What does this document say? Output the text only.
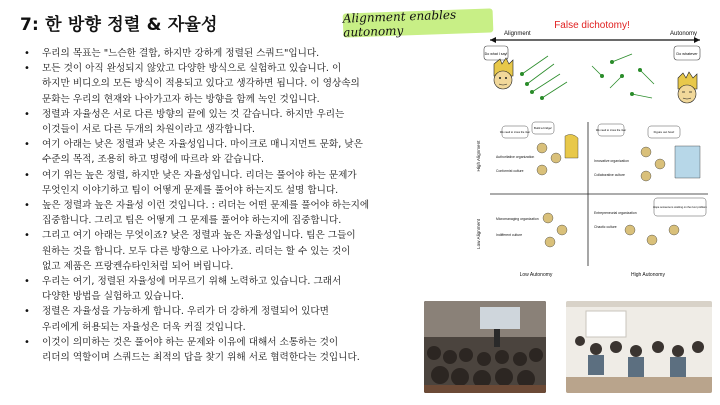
7: 한 방향 정렬 & 자율성
• 우리의 목표는 "느슨한 결합, 하지만 강하게 정렬된 스쿼드"입니다.
• 모든 것이 아직 완성되지 않았고 다양한 방식으로 실험하고 있습니다. 이
하지만 비디오의 모든 방식이 적용되고 있다고 생각하면 됩니다. 이 영상속의
문화는 우리의 현재와 나아가고자 하는 방향을 함께 녹인 것입니다.
• 정렬과 자율성은 서로 다른 방향의 끝에 있는 것 같습니다. 하지만 우리는
이것들이 서로 다른 두개의 차원이라고 생각합니다.
• 여기 아래는 낮은 정렬과 낮은 자율성입니다. 마이크로 매니지먼트 문화, 낮은
수준의 목적, 조용히 하고 명령에 따르라 와 같습니다.
• 여기 위는 높은 정렬, 하지만 낮은 자율성입니다. 리더는 풀어야 하는 문제가
무엇인지 이야기하고 팀이 어떻게 문제를 풀어야 하는지도 설명 합니다.
• 높은 정렬과 높은 자율성 이런 것입니다. : 리더는 어떤 문제를 풀어야 하는지에
집중합니다. 그리고 팀은 어떻게 그 문제를 풀어야 하는지에 집중합니다.
• 그리고 여기 아래는 무엇이죠? 낮은 정렬과 높은 자율성입니다. 팀은 그들이
원하는 것을 합니다. 모두 다른 방향으로 나아가죠. 리더는 할 수 있는 것이
없고 제품은 프랑켄슈타인처럼 되어 버립니다.
• 우리는 여기, 정렬된 자율성에 머무르기 위해 노력하고 있습니다. 그래서
다양한 방법을 실험하고 있습니다.
• 정렬은 자율성을 가능하게 합니다. 우리가 더 강하게 정렬되어 있다면
우리에게 허용되는 자율성은 더욱 커질 것입니다.
• 이것이 의미하는 것은 풀어야 하는 문제와 이유에 대해서 소통하는 것이
리더의 역할이며 스쿼드는 최적의 답을 찾기 위해 서로 협력한다는 것입니다.
Alignment enables autonomy	False dichotomy!
Alignment	Autonomy
Do what I say!	Do whatever
High Alignment
Low Alignment
Low Autonomy	High Autonomy
We need to cross the river
Build a bridge!
Authoritative organization
Conformist culture
We need to cross the river	Figure out how!
Innovative organization
Collaborative culture
Micromanaging organization
Indifferent culture
Entrepreneurial organization
Chaotic culture
Hope someone is working on the river problem
